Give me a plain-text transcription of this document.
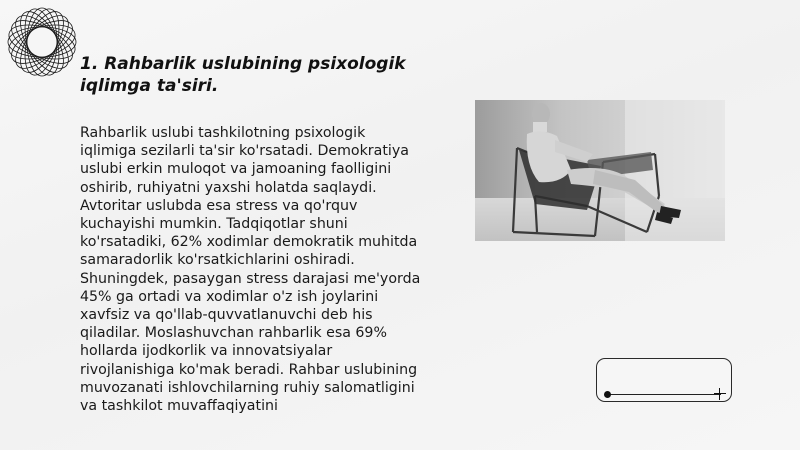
1. Rahbarlik uslubining psixologik iqlimga ta'siri.

Rahbarlik uslubi tashkilotning psixologik iqlimiga sezilarli ta'sir ko'rsatadi. Demokratiya uslubi erkin muloqot va jamoaning faolligini oshirib, ruhiyatni yaxshi holatda saqlaydi. Avtoritar uslubda esa stress va qo'rquv kuchayishi mumkin. Tadqiqotlar shuni ko'rsatadiki, 62% xodimlar demokratik muhitda samaradorlik ko'rsatkichlarini oshiradi. Shuningdek, pasaygan stress darajasi me'yorda 45% ga ortadi va xodimlar o'z ish joylarini xavfsiz va qo'llab-quvvatlanuvchi deb his qiladilar. Moslashuvchan rahbarlik esa 69% hollarda ijodkorlik va innovatsiyalar rivojlanishiga ko'mak beradi. Rahbar uslubining muvozanati ishlovchilarning ruhiy salomatligini va tashkilot muvaffaqiyatini
